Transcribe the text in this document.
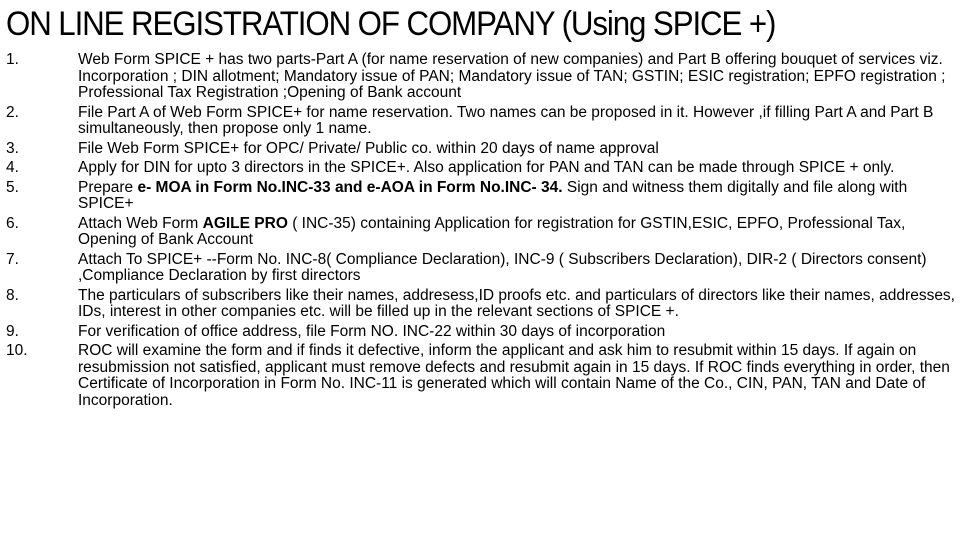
ON LINE REGISTRATION OF COMPANY (Using SPICE +)
1.	Web Form SPICE + has two parts-Part A (for name reservation of new companies) and Part B offering bouquet of services viz. Incorporation ; DIN allotment; Mandatory issue of PAN; Mandatory issue of TAN; GSTIN; ESIC registration; EPFO registration ; Professional Tax Registration ;Opening of Bank account
2.	File Part A of Web Form SPICE+ for name reservation. Two names can be proposed in it. However ,if filling Part A and Part B simultaneously, then propose only 1 name.
3.	File Web Form SPICE+ for OPC/ Private/ Public co. within 20 days of name approval
4.	Apply for DIN for upto 3 directors in the SPICE+. Also application for PAN and TAN can be made through SPICE + only.
5.	Prepare e- MOA in Form No.INC-33 and e-AOA in Form No.INC- 34. Sign and witness them digitally and file along with SPICE+
6.	Attach Web Form AGILE PRO ( INC-35) containing Application for registration for GSTIN,ESIC, EPFO, Professional Tax, Opening of Bank Account
7.	Attach To SPICE+ --Form No. INC-8( Compliance Declaration), INC-9 ( Subscribers Declaration), DIR-2 ( Directors consent) ,Compliance Declaration by first directors
8.	The particulars of subscribers like their names, addresess,ID proofs etc. and particulars of directors like their names, addresses, IDs, interest in other companies etc. will be filled up in the relevant sections of SPICE +.
9.	For verification of office address, file Form NO. INC-22 within 30 days of incorporation
10.	ROC will examine the form and if finds it defective, inform the applicant and ask him to resubmit within 15 days. If again on resubmission not satisfied, applicant must remove defects and resubmit again in 15 days. If ROC finds everything in order, then Certificate of Incorporation in Form No. INC-11 is generated which will contain Name of the Co., CIN, PAN, TAN and Date of Incorporation.
